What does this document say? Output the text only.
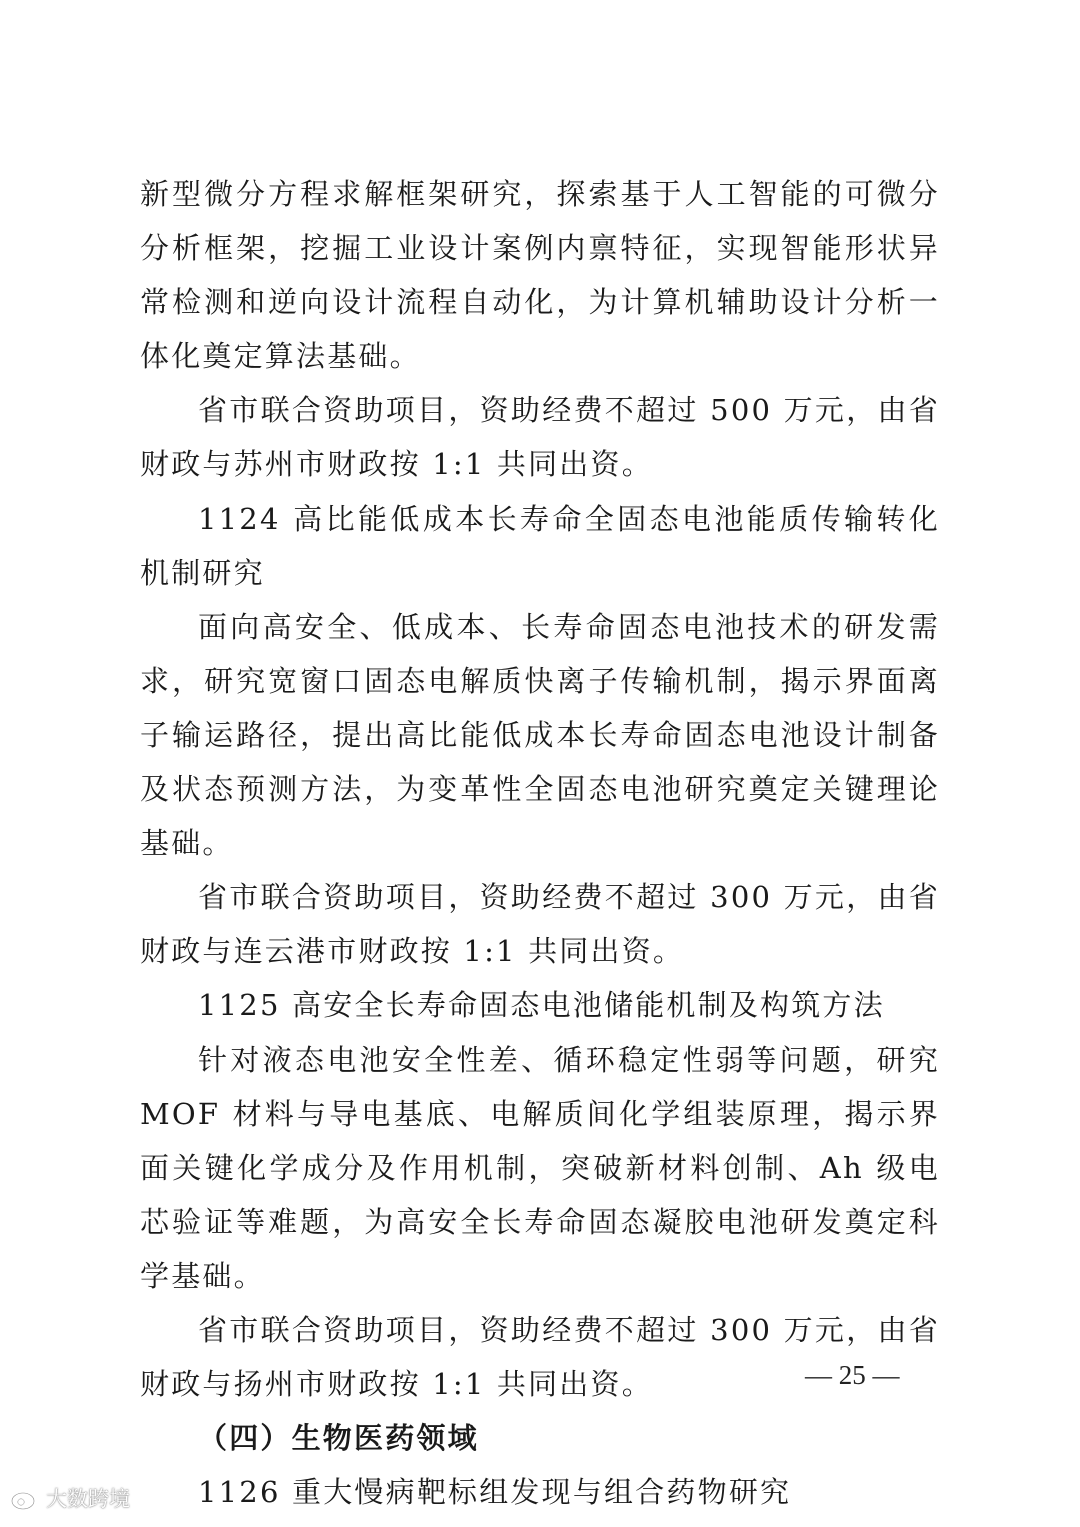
新型微分方程求解框架研究，探索基于人工智能的可微分分析框架，挖掘工业设计案例内禀特征，实现智能形状异常检测和逆向设计流程自动化，为计算机辅助设计分析一体化奠定算法基础。

省市联合资助项目，资助经费不超过 500 万元，由省财政与苏州市财政按 1:1 共同出资。

1124 高比能低成本长寿命全固态电池能质传输转化机制研究

面向高安全、低成本、长寿命固态电池技术的研发需求，研究宽窗口固态电解质快离子传输机制，揭示界面离子输运路径，提出高比能低成本长寿命固态电池设计制备及状态预测方法，为变革性全固态电池研究奠定关键理论基础。

省市联合资助项目，资助经费不超过 300 万元，由省财政与连云港市财政按 1:1 共同出资。

1125 高安全长寿命固态电池储能机制及构筑方法

针对液态电池安全性差、循环稳定性弱等问题，研究 MOF 材料与导电基底、电解质间化学组装原理，揭示界面关键化学成分及作用机制，突破新材料创制、Ah 级电芯验证等难题，为高安全长寿命固态凝胶电池研发奠定科学基础。

省市联合资助项目，资助经费不超过 300 万元，由省财政与扬州市财政按 1:1 共同出资。

（四）生物医药领域

1126 重大慢病靶标组发现与组合药物研究

— 25 —
大数跨境
